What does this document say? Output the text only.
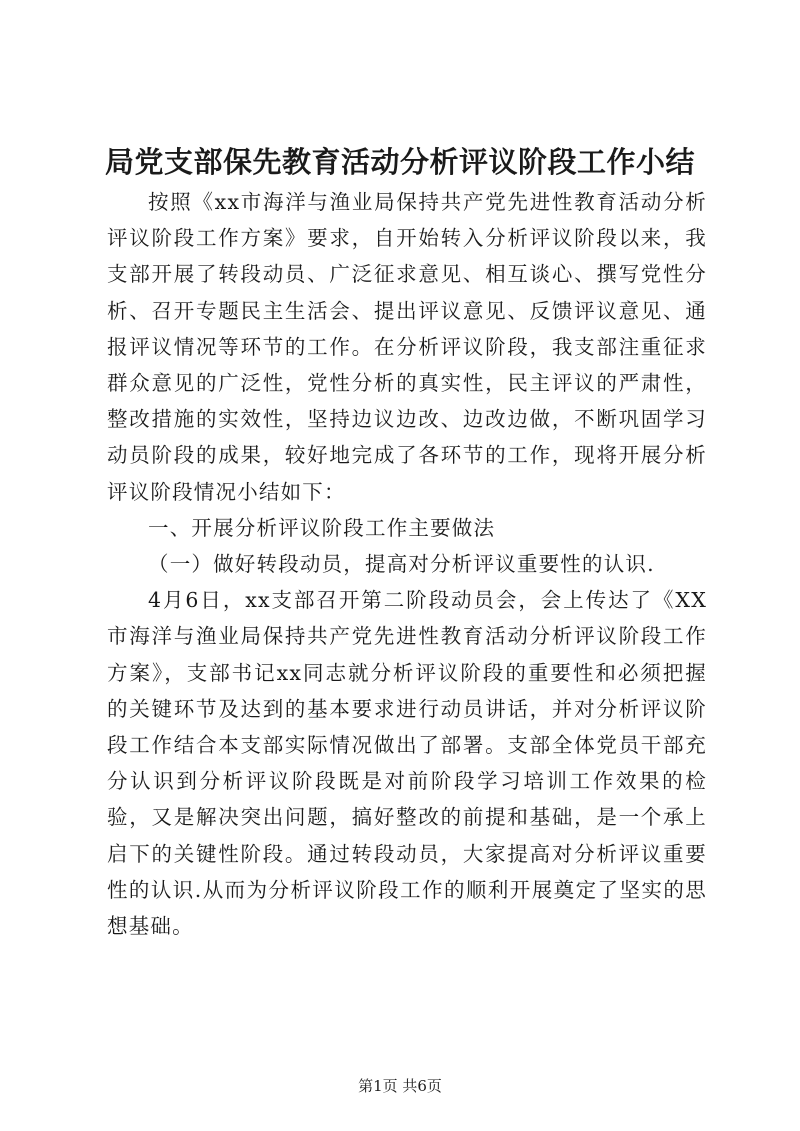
局党支部保先教育活动分析评议阶段工作小结

按照《xx市海洋与渔业局保持共产党先进性教育活动分析评议阶段工作方案》要求，自开始转入分析评议阶段以来，我支部开展了转段动员、广泛征求意见、相互谈心、撰写党性分析、召开专题民主生活会、提出评议意见、反馈评议意见、通报评议情况等环节的工作。在分析评议阶段，我支部注重征求群众意见的广泛性，党性分析的真实性，民主评议的严肃性，整改措施的实效性，坚持边议边改、边改边做，不断巩固学习动员阶段的成果，较好地完成了各环节的工作，现将开展分析评议阶段情况小结如下：

一、开展分析评议阶段工作主要做法

（一）做好转段动员，提高对分析评议重要性的认识.

4月6日，xx支部召开第二阶段动员会，会上传达了《XX市海洋与渔业局保持共产党先进性教育活动分析评议阶段工作方案》，支部书记xx同志就分析评议阶段的重要性和必须把握的关键环节及达到的基本要求进行动员讲话，并对分析评议阶段工作结合本支部实际情况做出了部署。支部全体党员干部充分认识到分析评议阶段既是对前阶段学习培训工作效果的检验，又是解决突出问题，搞好整改的前提和基础，是一个承上启下的关键性阶段。通过转段动员，大家提高对分析评议重要性的认识.从而为分析评议阶段工作的顺利开展奠定了坚实的思想基础。

第1页 共6页
